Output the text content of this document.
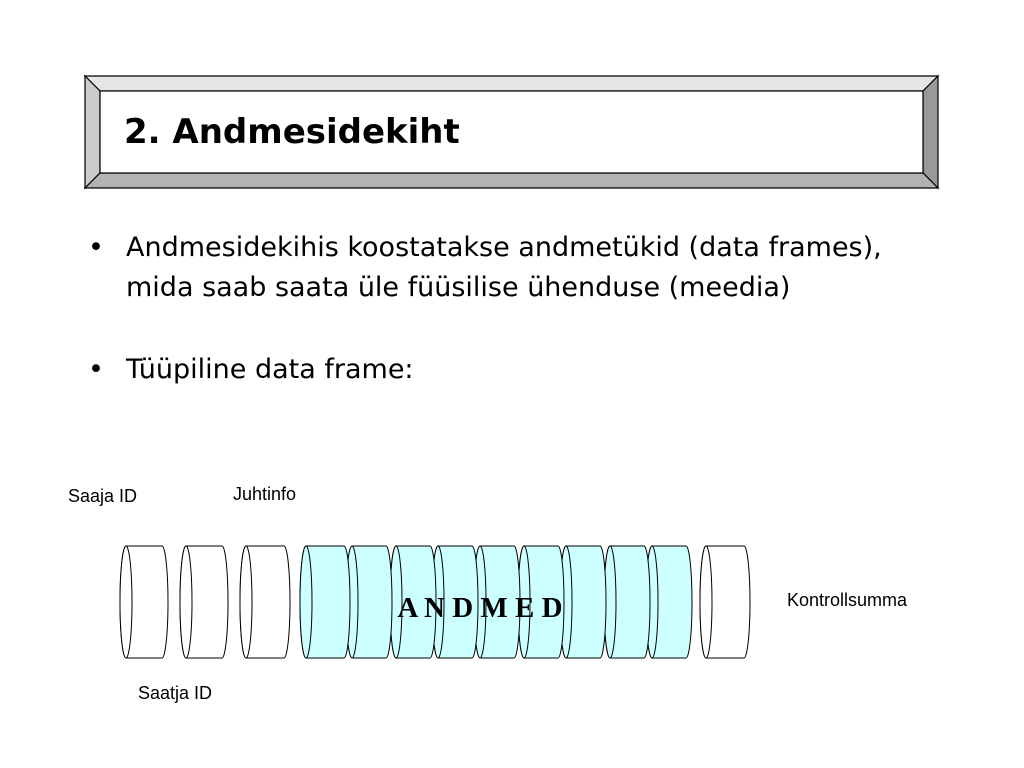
2. Andmesidekiht
• Andmesidekihis koostatakse andmetükid (data frames), mida saab saata üle füüsilise ühenduse (meedia)
• Tüüpiline data frame:
A N D M E D
Saaja ID	Juhtinfo
Saatja ID
Kontrollsumma
